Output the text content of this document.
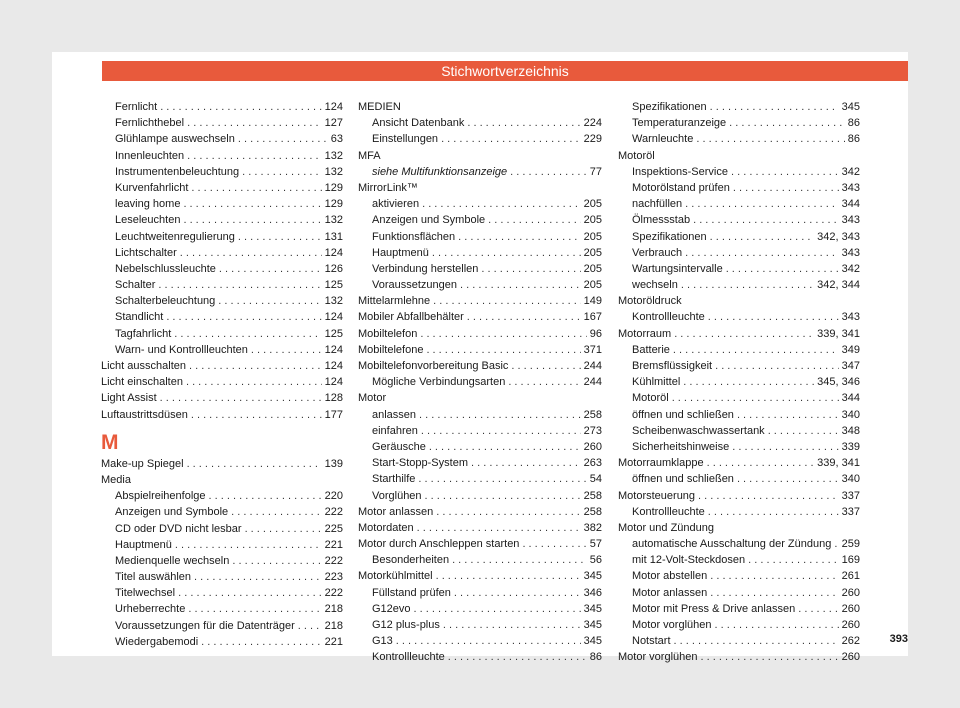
Stichwortverzeichnis
Fernlicht . . .	124
Fernlichthebel . . .	127
Glühlampe auswechseln . . .	63
Innenleuchten . . .	132
Instrumentenbeleuchtung . . .	132
Kurvenfahrlicht . . .	129
leaving home . . .	129
Leseleuchten . . .	132
Leuchtweitenregulierung . . .	131
Lichtschalter . . .	124
Nebelschlussleuchte . . .	126
Schalter . . .	125
Schalterbeleuchtung . . .	132
Standlicht . . .	124
Tagfahrlicht . . .	125
Warn- und Kontrollleuchten . . .	124
Licht ausschalten . . .	124
Licht einschalten . . .	124
Light Assist . . .	128
Luftaustrittsdüsen . . .	177
M
Make-up Spiegel . . .	139
Media
Abspielreihenfolge . . .	220
Anzeigen und Symbole . . .	222
CD oder DVD nicht lesbar . . .	225
Hauptmenü . . .	221
Medienquelle wechseln . . .	222
Titel auswählen . . .	223
Titelwechsel . . .	222
Urheberrechte . . .	218
Voraussetzungen für die Datenträger . . .	218
Wiedergabemodi . . .	221
MEDIEN
Ansicht Datenbank . . .	224
Einstellungen . . .	229
MFA
siehe Multifunktionsanzeige . . .	77
MirrorLink™
aktivieren . . .	205
Anzeigen und Symbole . . .	205
Funktionsflächen . . .	205
Hauptmenü . . .	205
Verbindung herstellen . . .	205
Voraussetzungen . . .	205
Mittelarmlehne . . .	149
Mobiler Abfallbehälter . . .	167
Mobiltelefon . . .	96
Mobiltelefone . . .	371
Mobiltelefonvorbereitung Basic . . .	244
Mögliche Verbindungsarten . . .	244
Motor
anlassen . . .	258
einfahren . . .	273
Geräusche . . .	260
Start-Stopp-System . . .	263
Starthilfe . . .	54
Vorglühen . . .	258
Motor anlassen . . .	258
Motordaten . . .	382
Motor durch Anschleppen starten . . .	57
Besonderheiten . . .	56
Motorkühlmittel . . .	345
Füllstand prüfen . . .	346
G12evo . . .	345
G12 plus-plus . . .	345
G13 . . .	345
Kontrollleuchte . . .	86
Spezifikationen . . .	345
Temperaturanzeige . . .	86
Warnleuchte . . .	86
Motoröl
Inspektions-Service . . .	342
Motorölstand prüfen . . .	343
nachfüllen . . .	344
Ölmessstab . . .	343
Spezifikationen . . .	342, 343
Verbrauch . . .	343
Wartungsintervalle . . .	342
wechseln . . .	342, 344
Motoröldruck
Kontrollleuchte . . .	343
Motorraum . . .	339, 341
Batterie . . .	349
Bremsflüssigkeit . . .	347
Kühlmittel . . .	345, 346
Motoröl . . .	344
öffnen und schließen . . .	340
Scheibenwaschwassertank . . .	348
Sicherheitshinweise . . .	339
Motorraumklappe . . .	339, 341
öffnen und schließen . . .	340
Motorsteuerung . . .	337
Kontrollleuchte . . .	337
Motor und Zündung
automatische Ausschaltung der Zündung . . . 259
mit 12-Volt-Steckdosen . . .	169
Motor abstellen . . .	261
Motor anlassen . . .	260
Motor mit Press & Drive anlassen . . .	260
Motor vorglühen . . .	260
Notstart . . .	262
Motor vorglühen . . .	260
393
